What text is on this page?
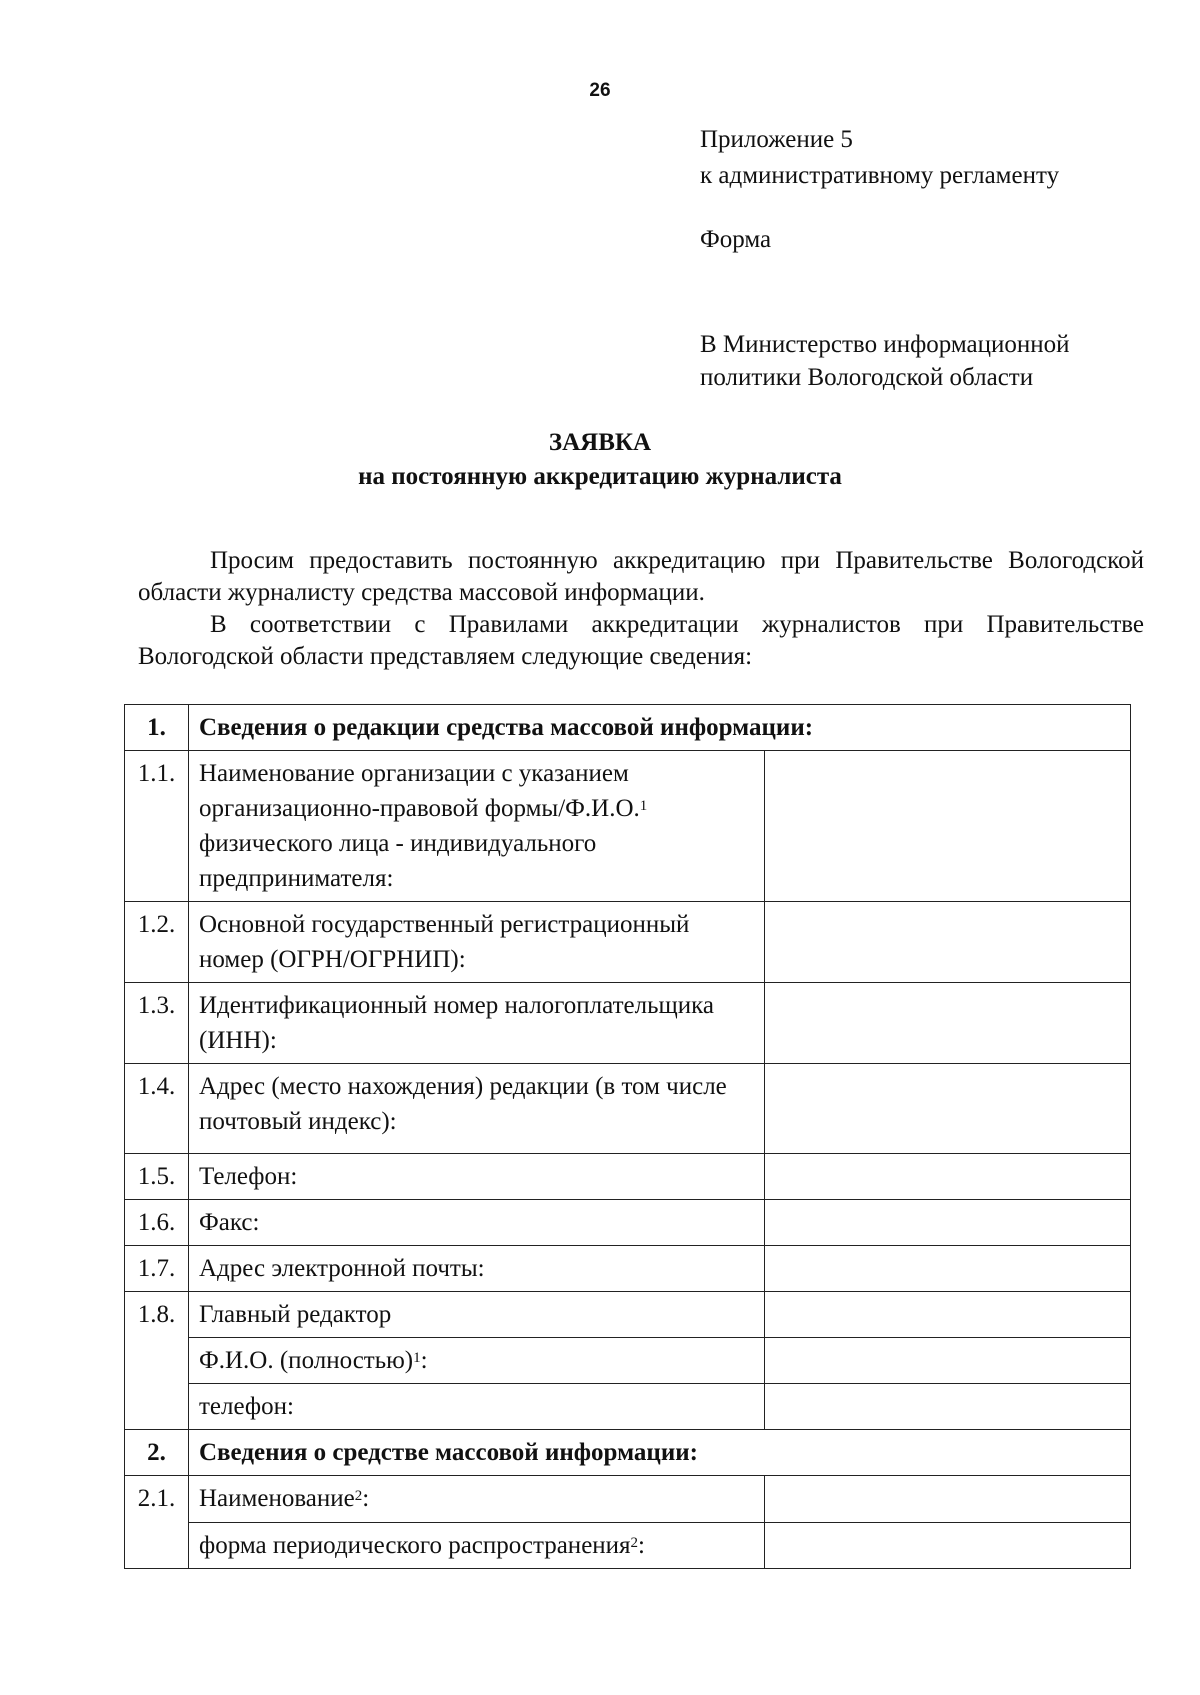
26
Приложение 5
к административному регламенту
Форма
В Министерство информационной
политики Вологодской области
ЗАЯВКА
на постоянную аккредитацию журналиста

Просим предоставить постоянную аккредитацию при Правительстве Вологодской области журналисту средства массовой информации.

В соответствии с Правилами аккредитации журналистов при Правительстве Вологодской области представляем следующие сведения:

1.	Сведения о редакции средства массовой информации:	
1.1.	Наименование организации с указанием организационно-правовой формы/Ф.И.О.$^1$ физического лица - индивидуального предпринимателя:	
1.2.	Основной государственный регистрационный номер (ОГРН/ОГРНИП):	
1.3.	Идентификационный номер налогоплательщика (ИНН):	
1.4.	Адрес (место нахождения) редакции (в том числе почтовый индекс):	
1.5.	Телефон:	
1.6.	Факс:	
1.7.	Адрес электронной почты:	
1.8.	Главный редактор	
	Ф.И.О. (полностью)$^1$:	
	телефон:	
2.	Сведения о средстве массовой информации:	
2.1.	Наименование$^2$:	
	форма периодического распространения$^2$:	
